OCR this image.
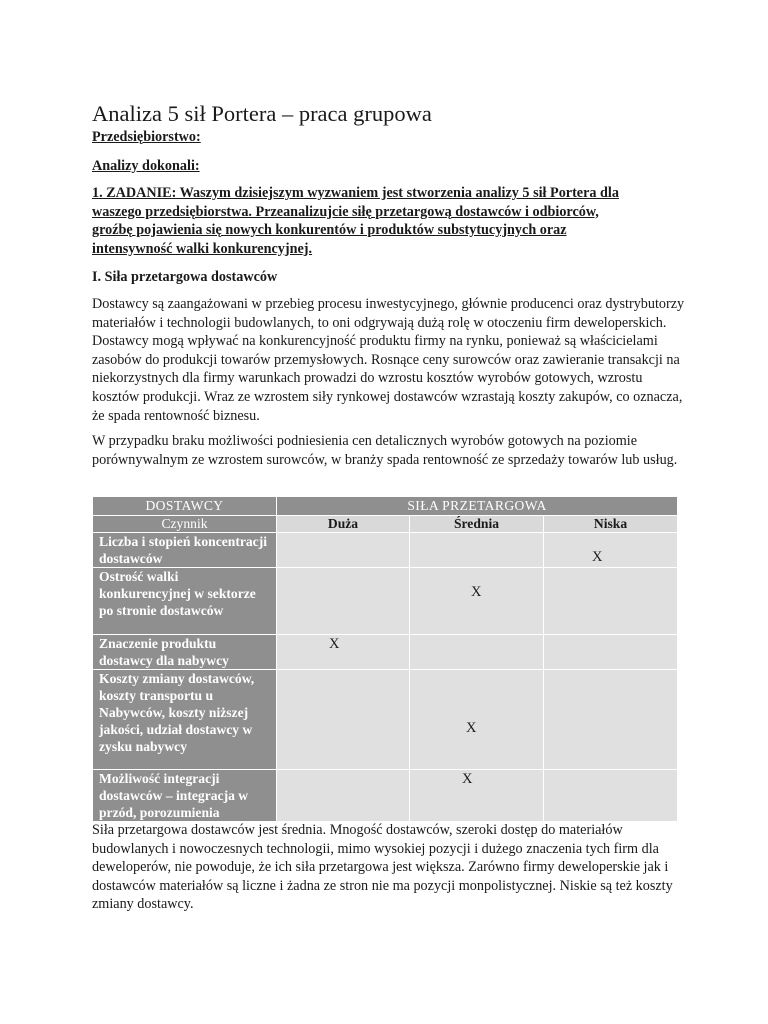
Analiza 5 sił Portera – praca grupowa

Przedsiębiorstwo:

Analizy dokonali:

1. ZADANIE: Waszym dzisiejszym wyzwaniem jest stworzenia analizy 5 sił Portera dla
waszego przedsiębiorstwa. Przeanalizujcie siłę przetargową dostawców i odbiorców,
groźbę pojawienia się nowych konkurentów i produktów substytucyjnych oraz
intensywność walki konkurencyjnej.

I. Siła przetargowa dostawców

Dostawcy są zaangażowani w przebieg procesu inwestycyjnego, głównie producenci oraz dystrybutorzy materiałów i technologii budowlanych, to oni odgrywają dużą rolę w otoczeniu firm deweloperskich. Dostawcy mogą wpływać na konkurencyjność produktu firmy na rynku, ponieważ są właścicielami zasobów do produkcji towarów przemysłowych. Rosnące ceny surowców oraz zawieranie transakcji na niekorzystnych dla firmy warunkach prowadzi do wzrostu kosztów wyrobów gotowych, wzrostu kosztów produkcji. Wraz ze wzrostem siły rynkowej dostawców wzrastają koszty zakupów, co oznacza, że spada rentowność biznesu.

W przypadku braku możliwości podniesienia cen detalicznych wyrobów gotowych na poziomie porównywalnym ze wzrostem surowców, w branży spada rentowność ze sprzedaży towarów lub usług.

DOSTAWCY	SIŁA PRZETARGOWA		
Czynnik	Duża	Średnia	Niska
Liczba i stopień koncentracji dostawców			X

Ostrość walki konkurencyjnej w sektorze po stronie dostawców		X	

Znaczenie produktu dostawcy dla nabywcy	X		

Koszty zmiany dostawców, koszty transportu u Nabywców, koszty niższej jakości, udział dostawcy w zysku nabywcy		X	

Możliwość integracji dostawców – integracja w przód, porozumienia		X	

Siła przetargowa dostawców jest średnia. Mnogość dostawców, szeroki dostęp do materiałów budowlanych i nowoczesnych technologii, mimo wysokiej pozycji i dużego znaczenia tych firm dla deweloperów, nie powoduje, że ich siła przetargowa jest większa. Zarówno firmy deweloperskie jak i dostawców materiałów są liczne i żadna ze stron nie ma pozycji monpolistycznej. Niskie są też koszty zmiany dostawcy.
